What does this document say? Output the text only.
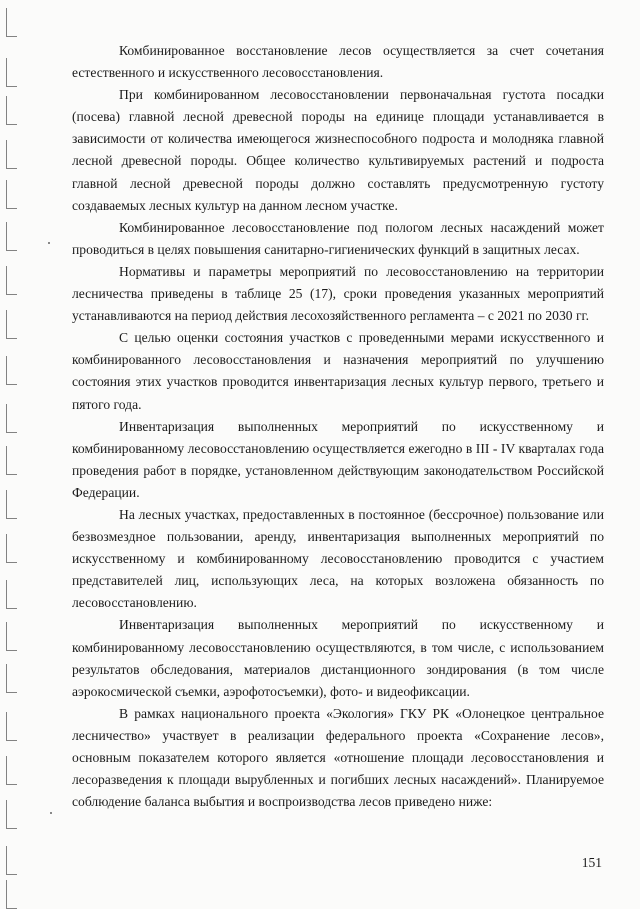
Комбинированное восстановление лесов осуществляется за счет сочетания естественного и искусственного лесовосстановления.

При комбинированном лесовосстановлении первоначальная густота посадки (посева) главной лесной древесной породы на единице площади устанавливается в зависимости от количества имеющегося жизнеспособного подроста и молодняка главной лесной древесной породы. Общее количество культивируемых растений и подроста главной лесной древесной породы должно составлять предусмотренную густоту создаваемых лесных культур на данном лесном участке.

Комбинированное лесовосстановление под пологом лесных насаждений может проводиться в целях повышения санитарно-гигиенических функций в защитных лесах.

Нормативы и параметры мероприятий по лесовосстановлению на территории лесничества приведены в таблице 25 (17), сроки проведения указанных мероприятий устанавливаются на период действия лесохозяйственного регламента – с 2021 по 2030 гг.

С целью оценки состояния участков с проведенными мерами искусственного и комбинированного лесовосстановления и назначения мероприятий по улучшению состояния этих участков проводится инвентаризация лесных культур первого, третьего и пятого года.

Инвентаризация выполненных мероприятий по искусственному и комбинированному лесовосстановлению осуществляется ежегодно в III - IV кварталах года проведения работ в порядке, установленном действующим законодательством Российской Федерации.

На лесных участках, предоставленных в постоянное (бессрочное) пользование или безвозмездное пользовании, аренду, инвентаризация выполненных мероприятий по искусственному и комбинированному лесовосстановлению проводится с участием представителей лиц, использующих леса, на которых возложена обязанность по лесовосстановлению.

Инвентаризация выполненных мероприятий по искусственному и комбинированному лесовосстановлению осуществляются, в том числе, с использованием результатов обследования, материалов дистанционного зондирования (в том числе аэрокосмической съемки, аэрофотосъемки), фото- и видеофиксации.

В рамках национального проекта «Экология» ГКУ РК «Олонецкое центральное лесничество» участвует в реализации федерального проекта «Сохранение лесов», основным показателем которого является «отношение площади лесовосстановления и лесоразведения к площади вырубленных и погибших лесных насаждений». Планируемое соблюдение баланса выбытия и воспроизводства лесов приведено ниже:

151
